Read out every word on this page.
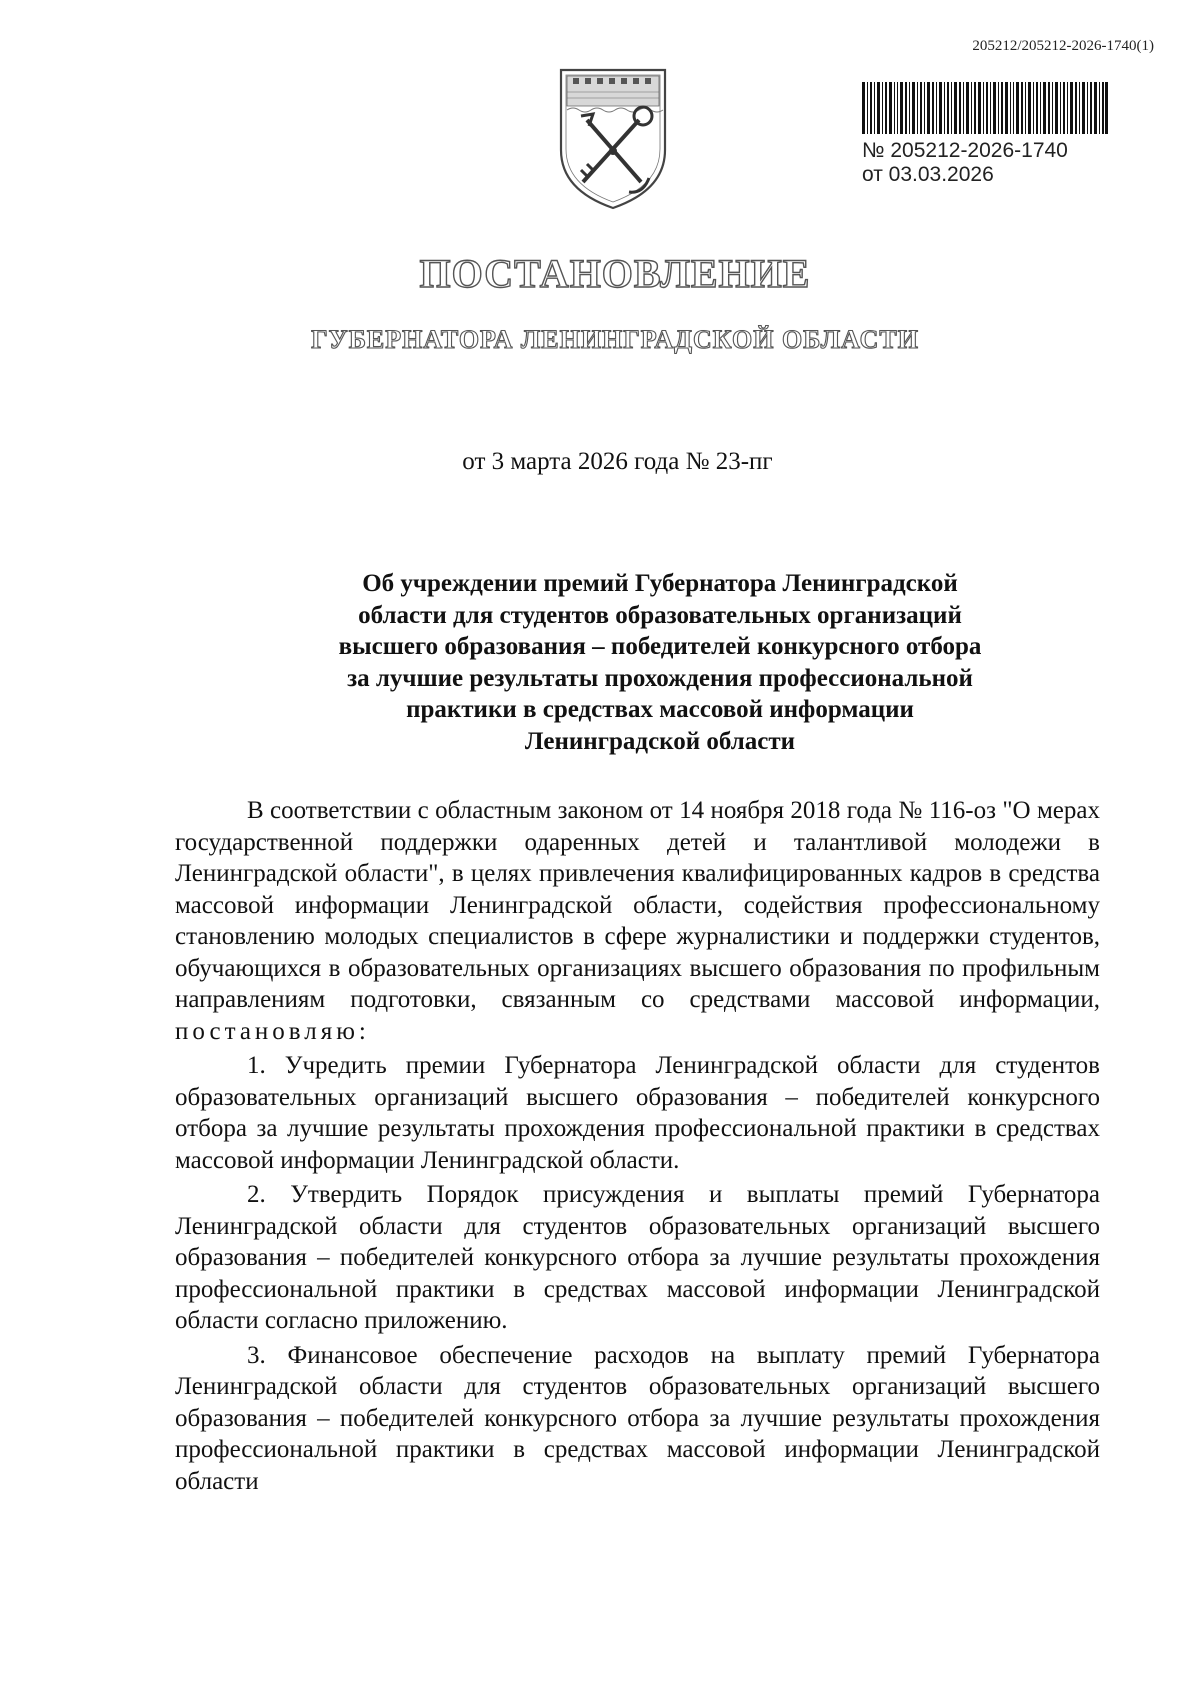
205212/205212-2026-1740(1)
№ 205212-2026-1740
от 03.03.2026
ПОСТАНОВЛЕНИЕ
ГУБЕРНАТОРА ЛЕНИНГРАДСКОЙ ОБЛАСТИ
от 3 марта 2026 года № 23-пг

Об учреждении премий Губернатора Ленинградской
области для студентов образовательных организаций
высшего образования – победителей конкурсного отбора
за лучшие результаты прохождения профессиональной
практики в средствах массовой информации
Ленинградской области

В соответствии с областным законом от 14 ноября 2018 года № 116-оз "О мерах государственной поддержки одаренных детей и талантливой молодежи в Ленинградской области", в целях привлечения квалифицированных кадров в средства массовой информации Ленинградской области, содействия профессиональному становлению молодых специалистов в сфере журналистики и поддержки студентов, обучающихся в образовательных организациях высшего образования по профильным направлениям подготовки, связанным со средствами массовой информации, постановляю:

1. Учредить премии Губернатора Ленинградской области для студентов образовательных организаций высшего образования – победителей конкурсного отбора за лучшие результаты прохождения профессиональной практики в средствах массовой информации Ленинградской области.

2. Утвердить Порядок присуждения и выплаты премий Губернатора Ленинградской области для студентов образовательных организаций высшего образования – победителей конкурсного отбора за лучшие результаты прохождения профессиональной практики в средствах массовой информации Ленинградской области согласно приложению.

3. Финансовое обеспечение расходов на выплату премий Губернатора Ленинградской области для студентов образовательных организаций высшего образования – победителей конкурсного отбора за лучшие результаты прохождения профессиональной практики в средствах массовой информации Ленинградской области
